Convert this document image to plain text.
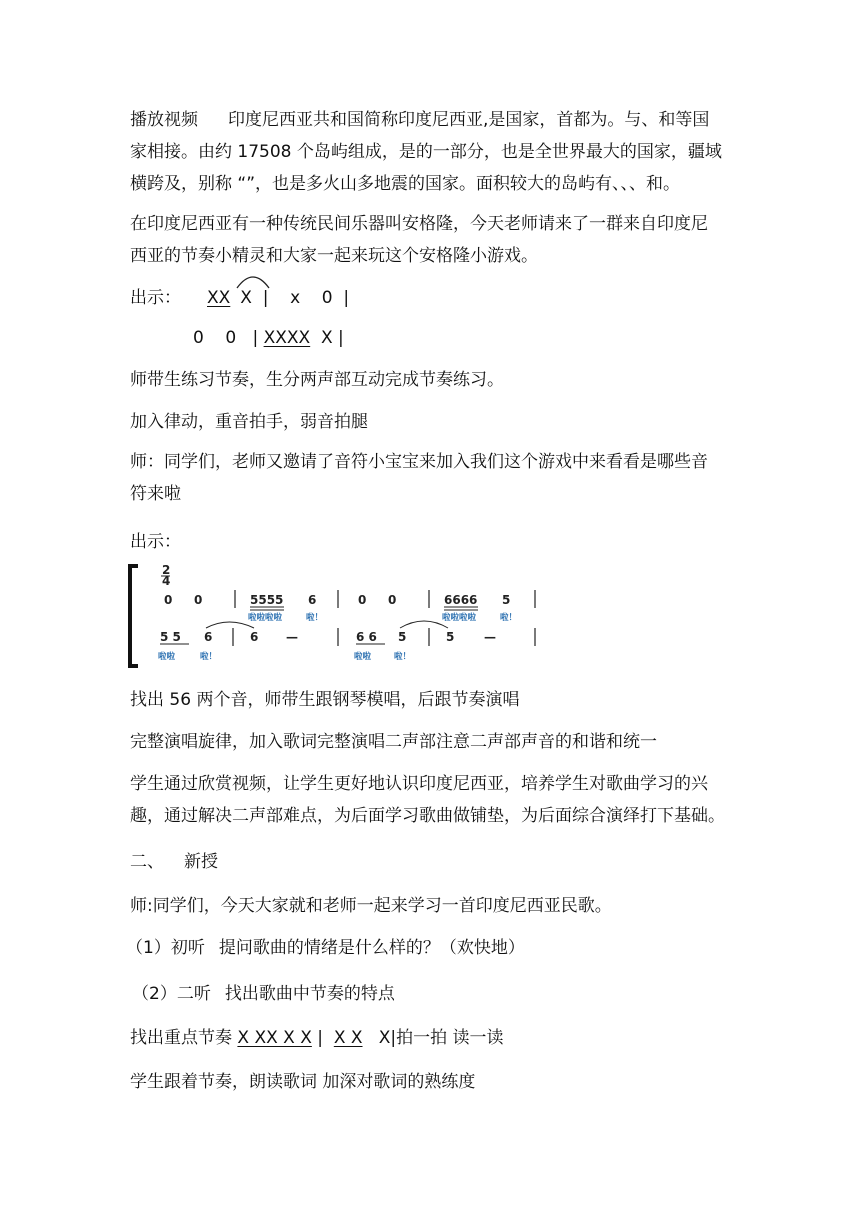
播放视频 印度尼西亚共和国简称印度尼西亚,是国家，首都为。与、和等国
家相接。由约 17508 个岛屿组成，是的一部分，也是全世界最大的国家，疆域
横跨及，别称 “”，也是多火山多地震的国家。面积较大的岛屿有、、、和。
在印度尼西亚有一种传统民间乐器叫安格隆，今天老师请来了一群来自印度尼
西亚的节奏小精灵和大家一起来玩这个安格隆小游戏。
出示： XX X  |    x    0  |
0    0   | XXXX  X |
师带生练习节奏，生分两声部互动完成节奏练习。
加入律动，重音拍手，弱音拍腿
师：同学们，老师又邀请了音符小宝宝来加入我们这个游戏中来看看是哪些音
符来啦
出示：
2
4
0 0	5555 6	0 0	6666 5
啦啦啦啦	啦！	啦啦啦啦	啦！
5 5 6	6 —	6 6 5	5 —
啦啦	啦！	啦啦	啦！
找出 56 两个音，师带生跟钢琴模唱，后跟节奏演唱
完整演唱旋律，加入歌词完整演唱二声部注意二声部声音的和谐和统一
学生通过欣赏视频，让学生更好地认识印度尼西亚，培养学生对歌曲学习的兴
趣，通过解决二声部难点，为后面学习歌曲做铺垫，为后面综合演绎打下基础。
二、 新授
师:同学们，今天大家就和老师一起来学习一首印度尼西亚民歌。
（1）初听 提问歌曲的情绪是什么样的？（欢快地）
（2）二听 找出歌曲中节奏的特点
找出重点节奏 X XX X X |  X X   X|拍一拍 读一读
学生跟着节奏，朗读歌词 加深对歌词的熟练度
